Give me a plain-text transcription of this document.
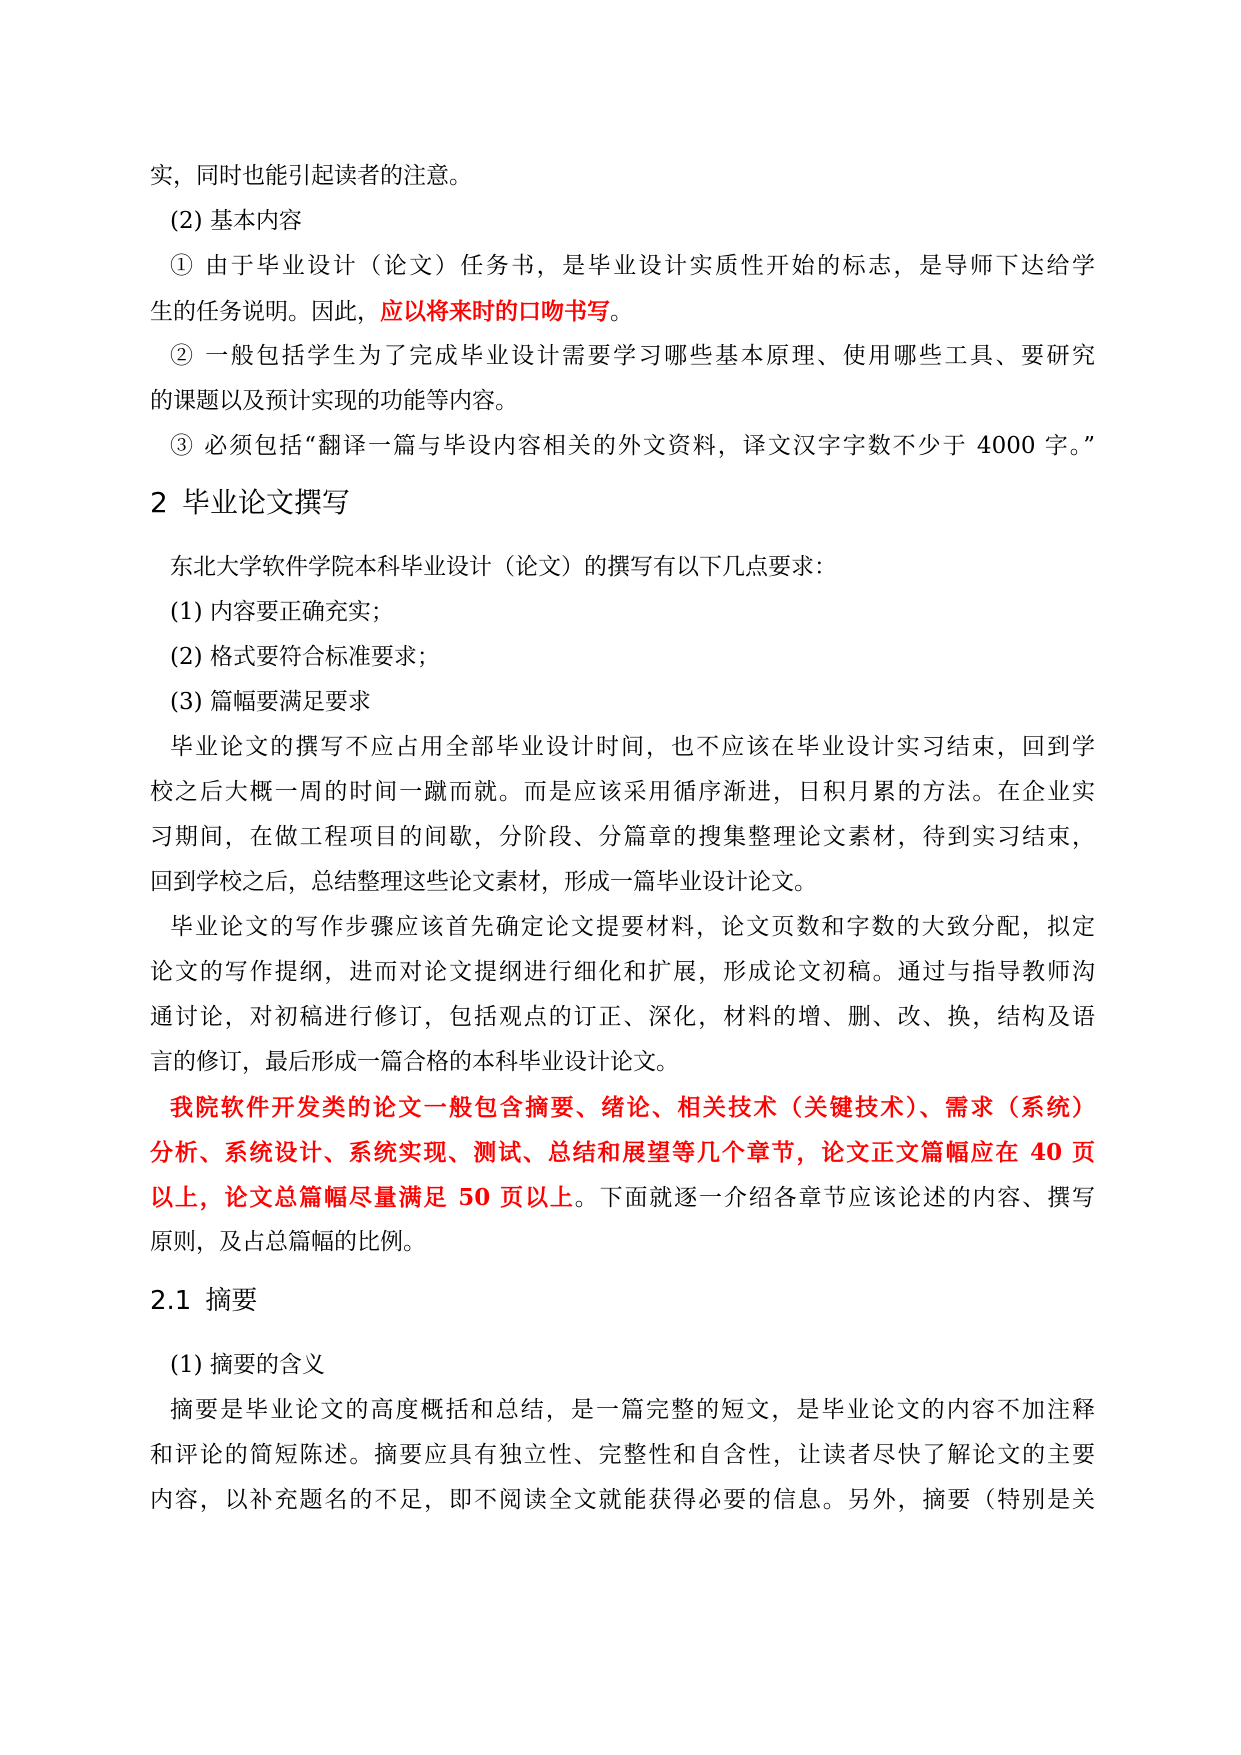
实，同时也能引起读者的注意。
(2) 基本内容
① 由于毕业设计（论文）任务书，是毕业设计实质性开始的标志，是导师下达给学
生的任务说明。因此，应以将来时的口吻书写。
② 一般包括学生为了完成毕业设计需要学习哪些基本原理、使用哪些工具、要研究
的课题以及预计实现的功能等内容。
③ 必须包括“翻译一篇与毕设内容相关的外文资料，译文汉字字数不少于 4000 字。”
2 毕业论文撰写
东北大学软件学院本科毕业设计（论文）的撰写有以下几点要求：
(1) 内容要正确充实；
(2) 格式要符合标准要求；
(3) 篇幅要满足要求
毕业论文的撰写不应占用全部毕业设计时间，也不应该在毕业设计实习结束，回到学
校之后大概一周的时间一蹴而就。而是应该采用循序渐进，日积月累的方法。在企业实
习期间，在做工程项目的间歇，分阶段、分篇章的搜集整理论文素材，待到实习结束，
回到学校之后，总结整理这些论文素材，形成一篇毕业设计论文。
毕业论文的写作步骤应该首先确定论文提要材料，论文页数和字数的大致分配，拟定
论文的写作提纲，进而对论文提纲进行细化和扩展，形成论文初稿。通过与指导教师沟
通讨论，对初稿进行修订，包括观点的订正、深化，材料的增、删、改、换，结构及语
言的修订，最后形成一篇合格的本科毕业设计论文。
我院软件开发类的论文一般包含摘要、绪论、相关技术（关键技术）、需求（系统）
分析、系统设计、系统实现、测试、总结和展望等几个章节，论文正文篇幅应在 40 页
以上，论文总篇幅尽量满足 50 页以上。下面就逐一介绍各章节应该论述的内容、撰写
原则，及占总篇幅的比例。
2.1 摘要
(1) 摘要的含义
摘要是毕业论文的高度概括和总结，是一篇完整的短文，是毕业论文的内容不加注释
和评论的简短陈述。摘要应具有独立性、完整性和自含性，让读者尽快了解论文的主要
内容，以补充题名的不足，即不阅读全文就能获得必要的信息。另外，摘要（特别是关
